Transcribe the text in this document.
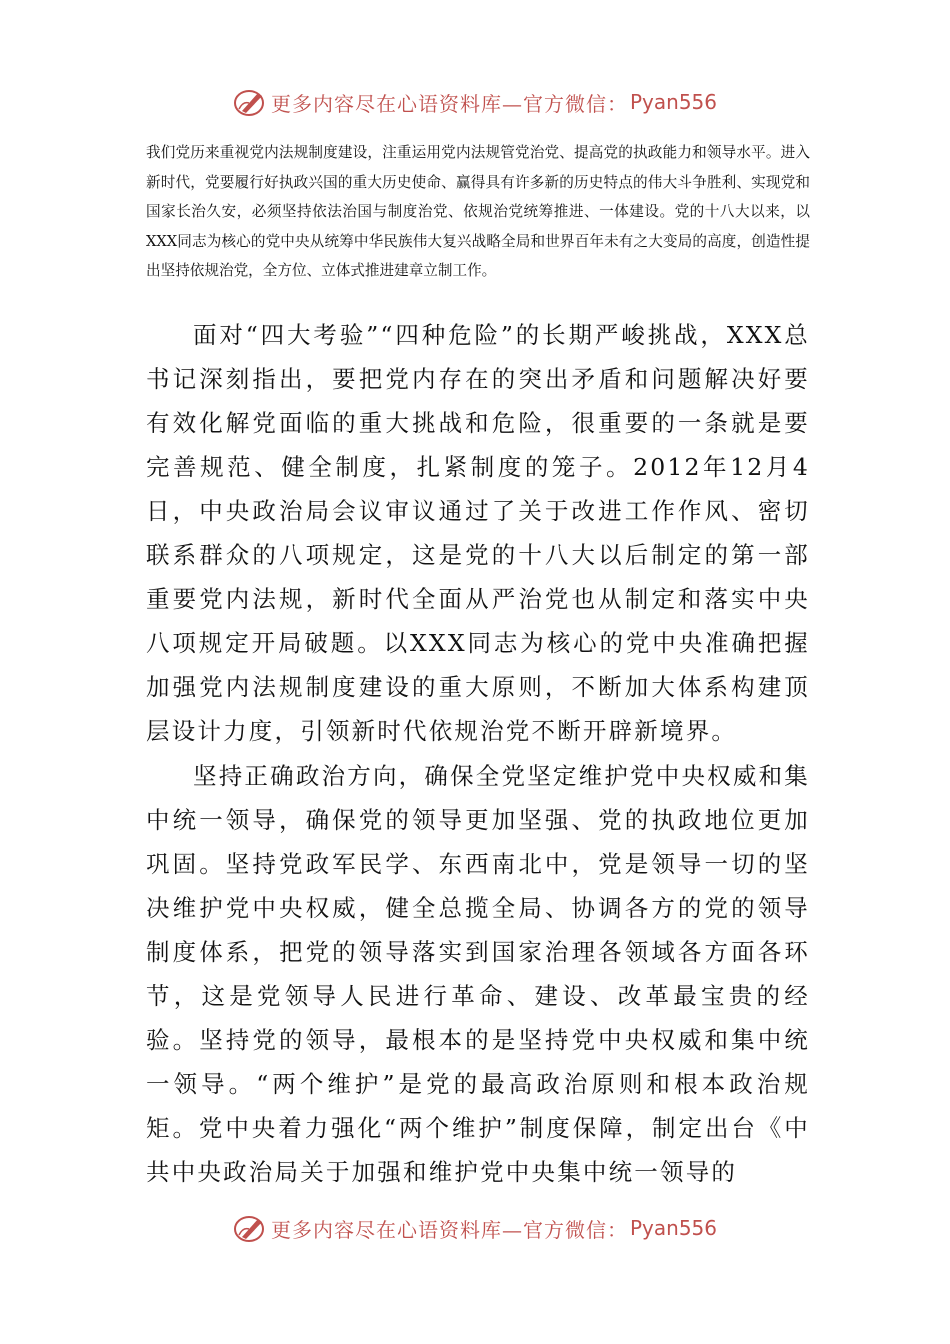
更多内容尽在心语资料库—官方微信： Pyan556

我们党历来重视党内法规制度建设，注重运用党内法规管党治党、提高党的执政能力和领导水平。进入新时代，党要履行好执政兴国的重大历史使命、赢得具有许多新的历史特点的伟大斗争胜利、实现党和国家长治久安，必须坚持依法治国与制度治党、依规治党统筹推进、一体建设。党的十八大以来，以XXX同志为核心的党中央从统筹中华民族伟大复兴战略全局和世界百年未有之大变局的高度，创造性提出坚持依规治党，全方位、立体式推进建章立制工作。

面对“四大考验”“四种危险”的长期严峻挑战，XXX总书记深刻指出，要把党内存在的突出矛盾和问题解决好要有效化解党面临的重大挑战和危险，很重要的一条就是要完善规范、健全制度，扎紧制度的笼子。2012年12月4日，中央政治局会议审议通过了关于改进工作作风、密切联系群众的八项规定，这是党的十八大以后制定的第一部重要党内法规，新时代全面从严治党也从制定和落实中央八项规定开局破题。以XXX同志为核心的党中央准确把握加强党内法规制度建设的重大原则，不断加大体系构建顶层设计力度，引领新时代依规治党不断开辟新境界。

坚持正确政治方向，确保全党坚定维护党中央权威和集中统一领导，确保党的领导更加坚强、党的执政地位更加巩固。坚持党政军民学、东西南北中，党是领导一切的坚决维护党中央权威，健全总揽全局、协调各方的党的领导制度体系，把党的领导落实到国家治理各领域各方面各环节，这是党领导人民进行革命、建设、改革最宝贵的经验。坚持党的领导，最根本的是坚持党中央权威和集中统一领导。“两个维护”是党的最高政治原则和根本政治规矩。党中央着力强化“两个维护”制度保障，制定出台《中共中央政治局关于加强和维护党中央集中统一领导的

更多内容尽在心语资料库—官方微信： Pyan556
